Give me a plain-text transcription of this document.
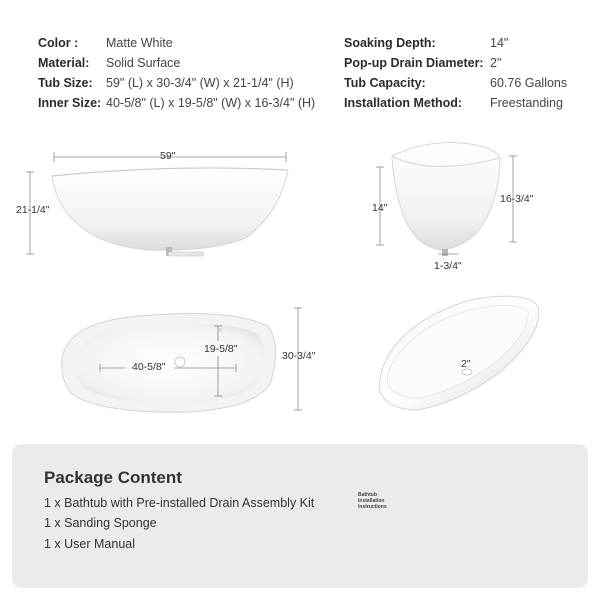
Color : Matte White
Material: Solid Surface
Tub Size: 59" (L) x 30-3/4" (W) x 21-1/4" (H)
Inner Size: 40-5/8" (L) x 19-5/8" (W) x 16-3/4" (H)
Soaking Depth:	14"
Pop-up Drain Diameter: 2"
Tub Capacity:	60.76 Gallons
Installation Method: Freestanding
59"
21-1/4"	14"
16-3/4"
1-3/4"
40-5/8"
19-5/8"
30-3/4"
2"
Package Content
1 x Bathtub with Pre-installed Drain Assembly Kit
1 x Sanding Sponge
1 x User Manual
Bathtub Installation Instructions
